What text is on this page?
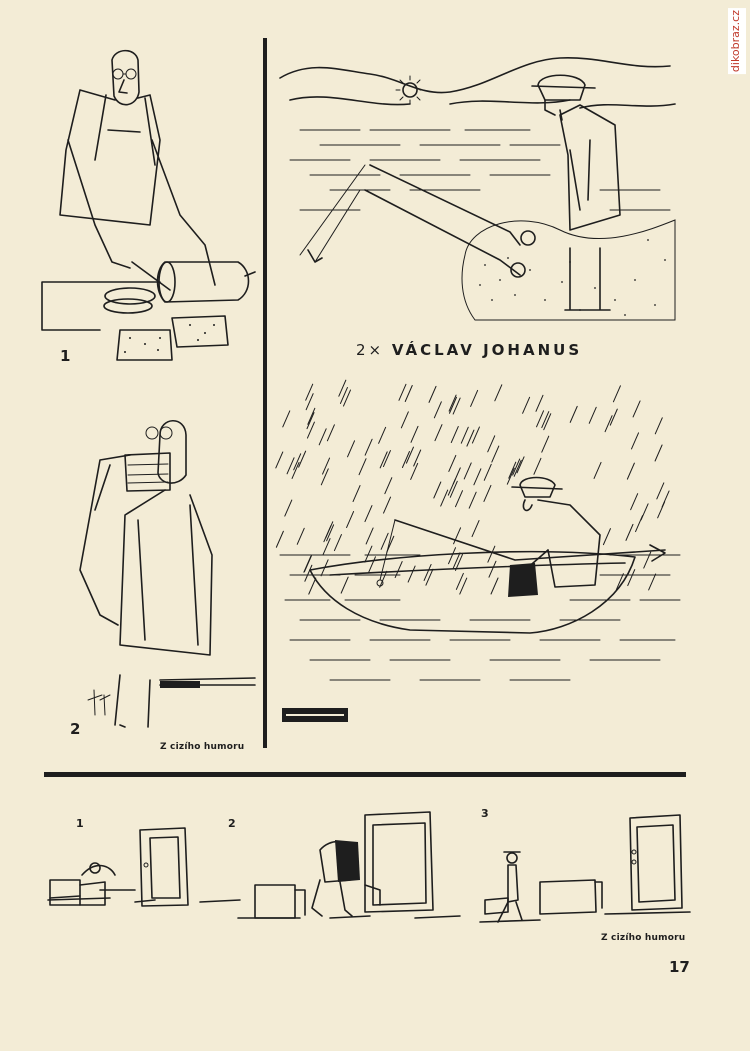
dikobraz.cz
1
2
Z cizího humoru
2× VÁCLAV JOHANUS
1	2
3
Z cizího humoru
17
